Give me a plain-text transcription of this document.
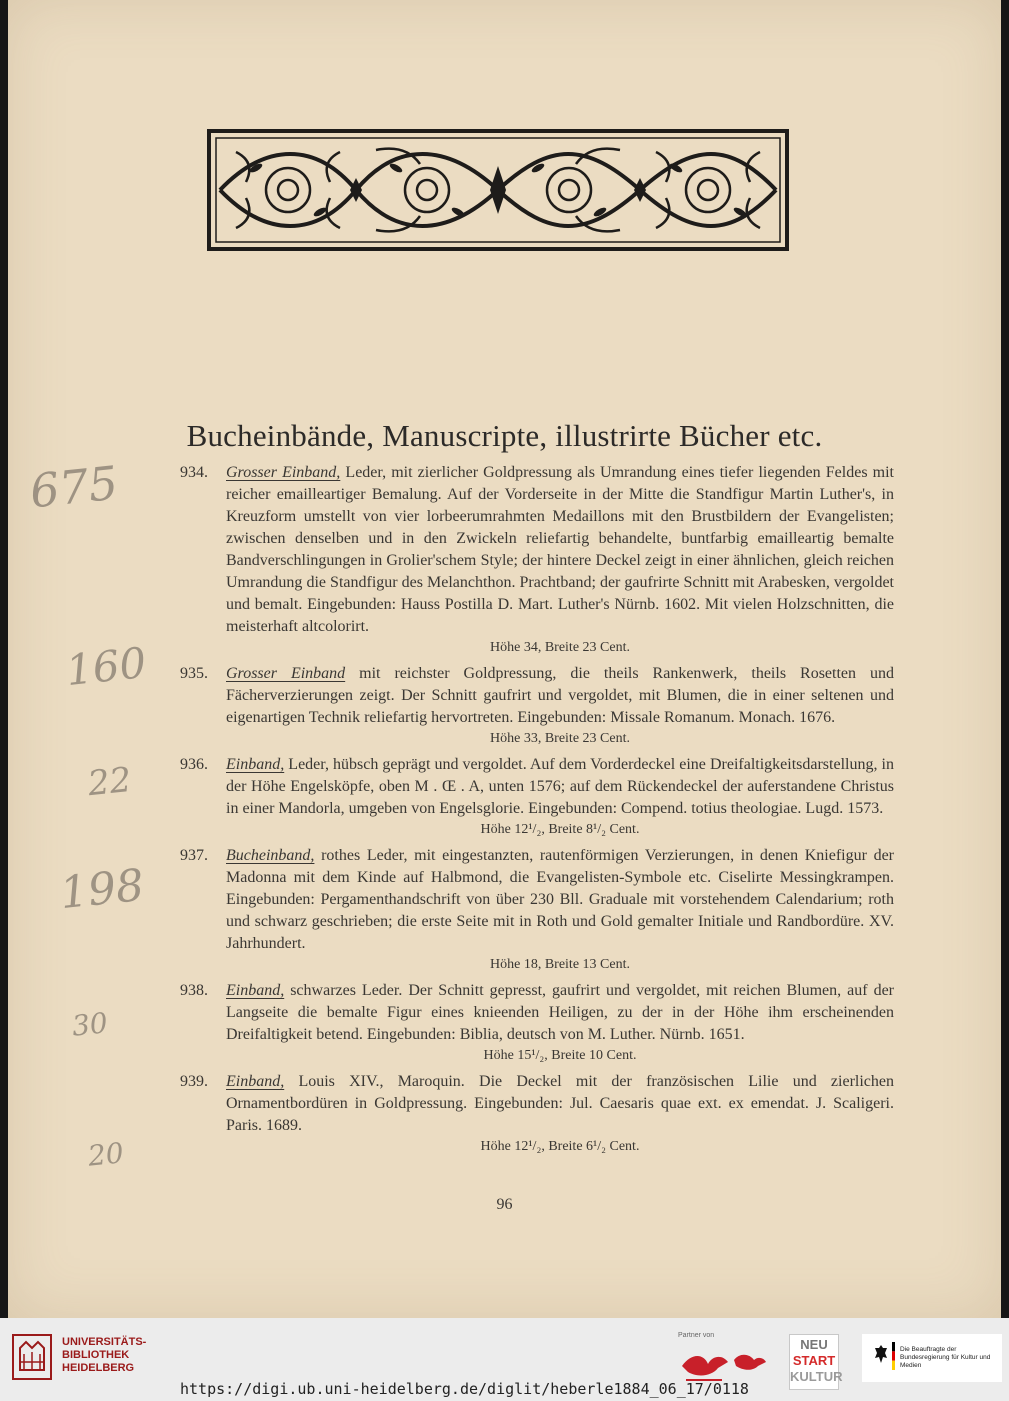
Bucheinbände, Manuscripte, illustrirte Bücher etc.
675
160
22
198
30
20
934.	Grosser Einband, Leder, mit zierlicher Goldpressung als Umrandung eines tiefer liegenden Feldes mit reicher emailleartiger Bemalung. Auf der Vorderseite in der Mitte die Standfigur Martin Luther's, in Kreuzform umstellt von vier lorbeerumrahmten Medaillons mit den Brustbildern der Evangelisten; zwischen denselben und in den Zwickeln reliefartig behandelte, buntfarbig emailleartig bemalte Bandverschlingungen in Grolier'schem Style; der hintere Deckel zeigt in einer ähnlichen, gleich reichen Umrandung die Standfigur des Melanchthon. Prachtband; der gaufrirte Schnitt mit Arabesken, vergoldet und bemalt. Eingebunden: Hauss Postilla D. Mart. Luther's Nürnb. 1602. Mit vielen Holzschnitten, die meisterhaft altcolorirt.
Höhe 34, Breite 23 Cent.
935.	Grosser Einband mit reichster Goldpressung, die theils Rankenwerk, theils Rosetten und Fächerverzierungen zeigt. Der Schnitt gaufrirt und vergoldet, mit Blumen, die in einer seltenen und eigenartigen Technik reliefartig hervortreten. Eingebunden: Missale Romanum. Monach. 1676.
Höhe 33, Breite 23 Cent.
936.	Einband, Leder, hübsch geprägt und vergoldet. Auf dem Vorderdeckel eine Dreifaltigkeitsdarstellung, in der Höhe Engelsköpfe, oben M . Œ . A, unten 1576; auf dem Rückendeckel der auferstandene Christus in einer Mandorla, umgeben von Engelsglorie. Eingebunden: Compend. totius theologiae. Lugd. 1573.
Höhe 12¹/₂, Breite 8¹/₂ Cent.
937.	Bucheinband, rothes Leder, mit eingestanzten, rautenförmigen Verzierungen, in denen Kniefigur der Madonna mit dem Kinde auf Halbmond, die Evangelisten-Symbole etc. Ciselirte Messingkrampen. Eingebunden: Pergamenthandschrift von über 230 Bll. Graduale mit vorstehendem Calendarium; roth und schwarz geschrieben; die erste Seite mit in Roth und Gold gemalter Initiale und Randbordüre. XV. Jahrhundert.
Höhe 18, Breite 13 Cent.
938.	Einband, schwarzes Leder. Der Schnitt gepresst, gaufrirt und vergoldet, mit reichen Blumen, auf der Langseite die bemalte Figur eines knieenden Heiligen, zu der in der Höhe ihm erscheinenden Dreifaltigkeit betend. Eingebunden: Biblia, deutsch von M. Luther. Nürnb. 1651.
Höhe 15¹/₂, Breite 10 Cent.
939.	Einband, Louis XIV., Maroquin. Die Deckel mit der französischen Lilie und zierlichen Ornamentbordüren in Goldpressung. Eingebunden: Jul. Caesaris quae ext. ex emendat. J. Scaligeri. Paris. 1689.
Höhe 12¹/₂, Breite 6¹/₂ Cent.
96
UNIVERSITÄTS-
BIBLIOTHEK
HEIDELBERG
Partner von
NEU
START
KULTUR
Die Beauftragte der Bundesregierung für Kultur und Medien
https://digi.ub.uni-heidelberg.de/diglit/heberle1884_06_17/0118
